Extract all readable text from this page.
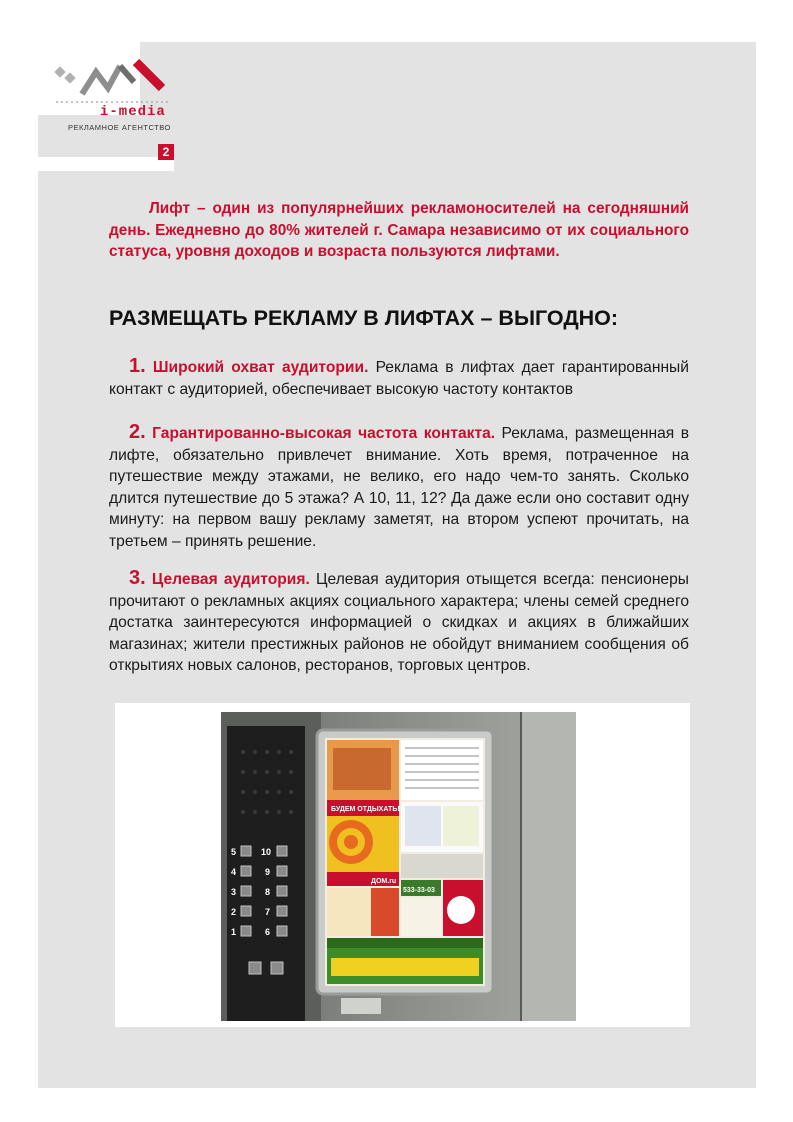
i-media
РЕКЛАМНОЕ АГЕНТСТВО
2
Лифт – один из популярнейших рекламоносителей на сегодняшний день. Ежедневно до 80% жителей г. Самара независимо от их социального статуса, уровня доходов и возраста пользуются лифтами.
РАЗМЕЩАТЬ РЕКЛАМУ В ЛИФТАХ – ВЫГОДНО:
1. Широкий охват аудитории. Реклама в лифтах дает гарантированный контакт с аудиторией, обеспечивает высокую частоту контактов
2. Гарантированно-высокая частота контакта. Реклама, размещенная в лифте, обязательно привлечет внимание. Хоть время, потраченное на путешествие между этажами, не велико, его надо чем-то занять. Сколько длится путешествие до 5 этажа? А 10, 11, 12? Да даже если оно составит одну минуту: на первом вашу рекламу заметят, на втором успеют прочитать, на третьем – принять решение.
3. Целевая аудитория. Целевая аудитория отыщется всегда: пенсионеры прочитают о рекламных акциях социального характера; члены семей среднего достатка заинтересуются информацией о скидках и акциях в ближайших магазинах; жители престижных районов не обойдут вниманием сообщения об открытиях новых салонов, ресторанов, торговых центров.
5
4
3
2
1
10
9
8
7
6
БУДЕМ ОТДЫХАТЬ!
ДОМ.ru
533-33-03
